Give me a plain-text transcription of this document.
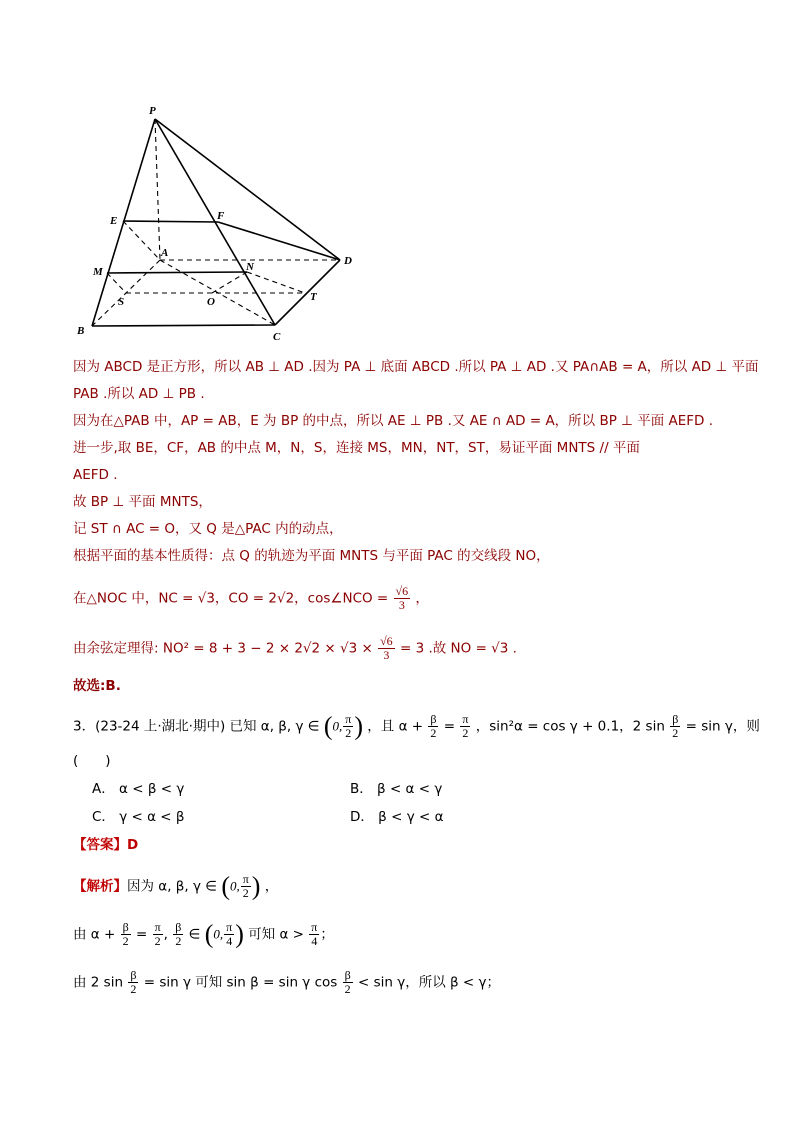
P
E	F
A
D
M	N
S	O	T
B	C
因为 ABCD 是正方形，所以 AB ⊥ AD .因为 PA ⊥ 底面 ABCD .所以 PA ⊥ AD .又 PA∩AB = A，所以 AD ⊥ 平面
PAB .所以 AD ⊥ PB .
因为在△PAB 中，AP = AB，E 为 BP 的中点，所以 AE ⊥ PB .又 AE ∩ AD = A，所以 BP ⊥ 平面 AEFD .
进一步,取 BE，CF，AB 的中点 M，N，S，连接 MS，MN，NT，ST，易证平面 MNTS // 平面
AEFD .
故 BP ⊥ 平面 MNTS，
记 ST ∩ AC = O，又 Q 是△PAC 内的动点，
根据平面的基本性质得：点 Q 的轨迹为平面 MNTS 与平面 PAC 的交线段 NO，
在△NOC 中，NC = √3，CO = 2√2，cos∠NCO = $\frac{√6}{3}$ ，
由余弦定理得: $NO^2 = 8 + 3 - 2 \times 2√2 \times √3 \times \frac{√6}{3} = 3$ .故 NO = √3 .
故选:B.
3．(23-24 上·湖北·期中) 已知 α, β, γ ∈ (0, $\frac{\pi}{2}$ ) ，且 $\alpha + \frac{\beta}{2} = \frac{\pi}{2}$ ，sin²α = cos γ + 0.1，2 $\sin \frac{\beta}{2} = \sin \gamma$，则
(　　)
A． α < β < γ	B． β < α < γ
C． γ < α < β	D． β < γ < α
【答案】D
【解析】因为 α, β, γ ∈ (0, $\frac{\pi}{2}$ ) ，
由 $\alpha + \frac{\beta}{2} = \frac{\pi}{2}$ , $\frac{\beta}{2}$ ∈ (0, $\frac{\pi}{4}$ ) 可知 $\alpha > \frac{\pi}{4}$ ；
由 2 $\sin \frac{\beta}{2} = \sin \gamma$ 可知 sin β = sin γ $\cos \frac{\beta}{2} < \sin \gamma$，所以 β < γ；
